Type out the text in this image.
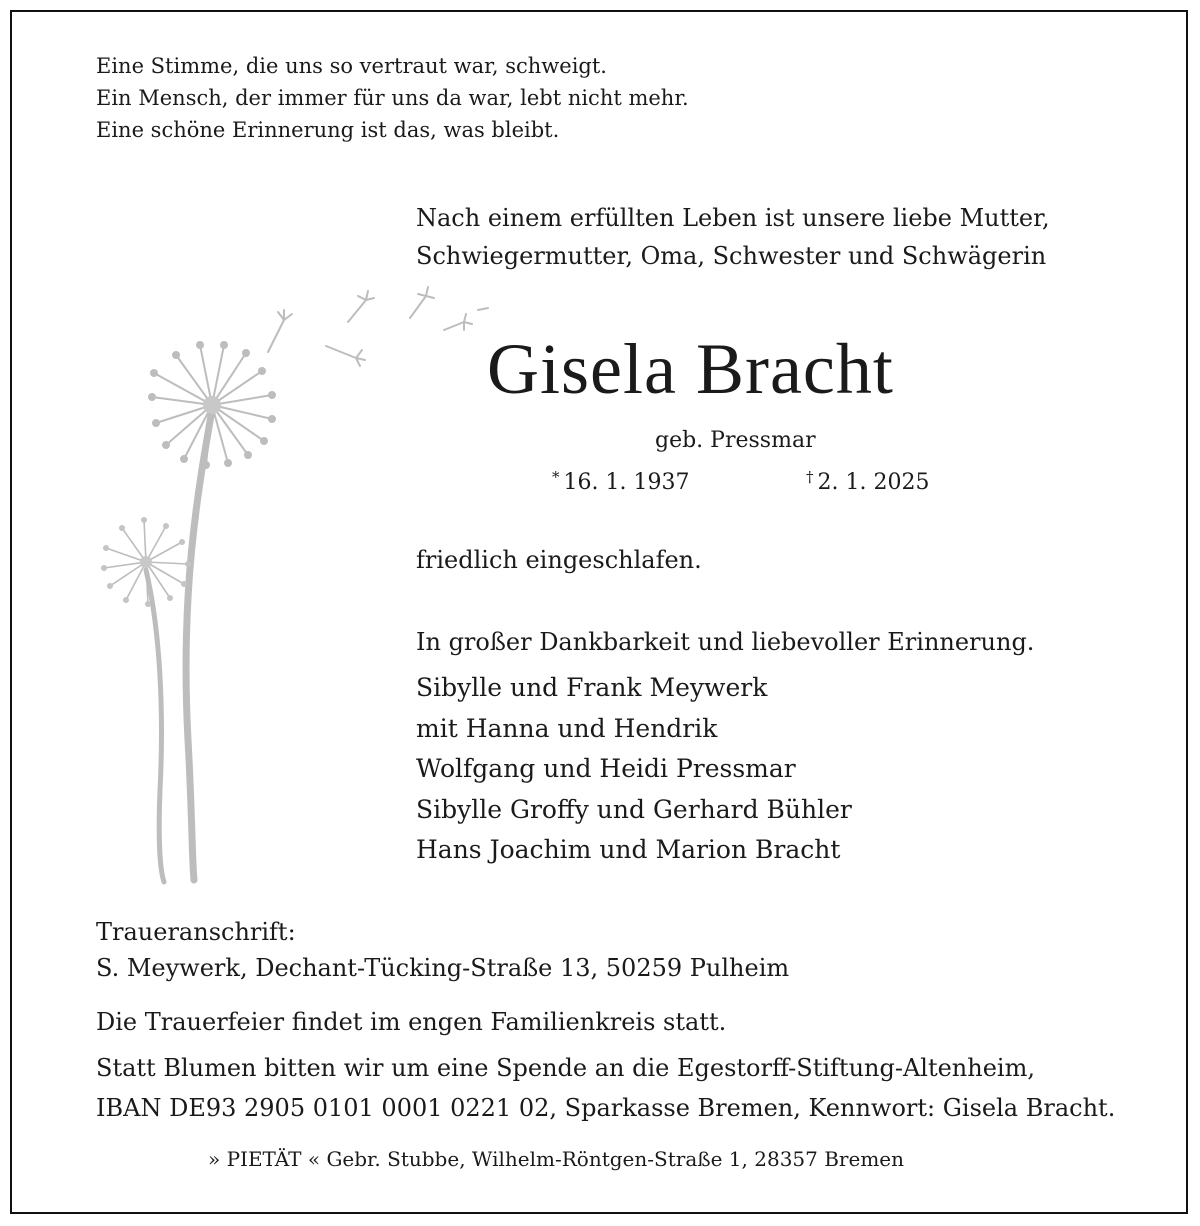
Eine Stimme, die uns so vertraut war, schweigt.
Ein Mensch, der immer für uns da war, lebt nicht mehr.
Eine schöne Erinnerung ist das, was bleibt.
Nach einem erfüllten Leben ist unsere liebe Mutter,
Schwiegermutter, Oma, Schwester und Schwägerin
Gisela Bracht
geb. Pressmar
* 16. 1. 1937	† 2. 1. 2025
friedlich eingeschlafen.
In großer Dankbarkeit und liebevoller Erinnerung.
Sibylle und Frank Meywerk
mit Hanna und Hendrik
Wolfgang und Heidi Pressmar
Sibylle Groffy und Gerhard Bühler
Hans Joachim und Marion Bracht
Traueranschrift:
S. Meywerk, Dechant-Tücking-Straße 13, 50259 Pulheim
Die Trauerfeier findet im engen Familienkreis statt.
Statt Blumen bitten wir um eine Spende an die Egestorff-Stiftung-Altenheim,
IBAN DE93 2905 0101 0001 0221 02, Sparkasse Bremen, Kennwort: Gisela Bracht.
» PIETÄT « Gebr. Stubbe, Wilhelm-Röntgen-Straße 1, 28357 Bremen
